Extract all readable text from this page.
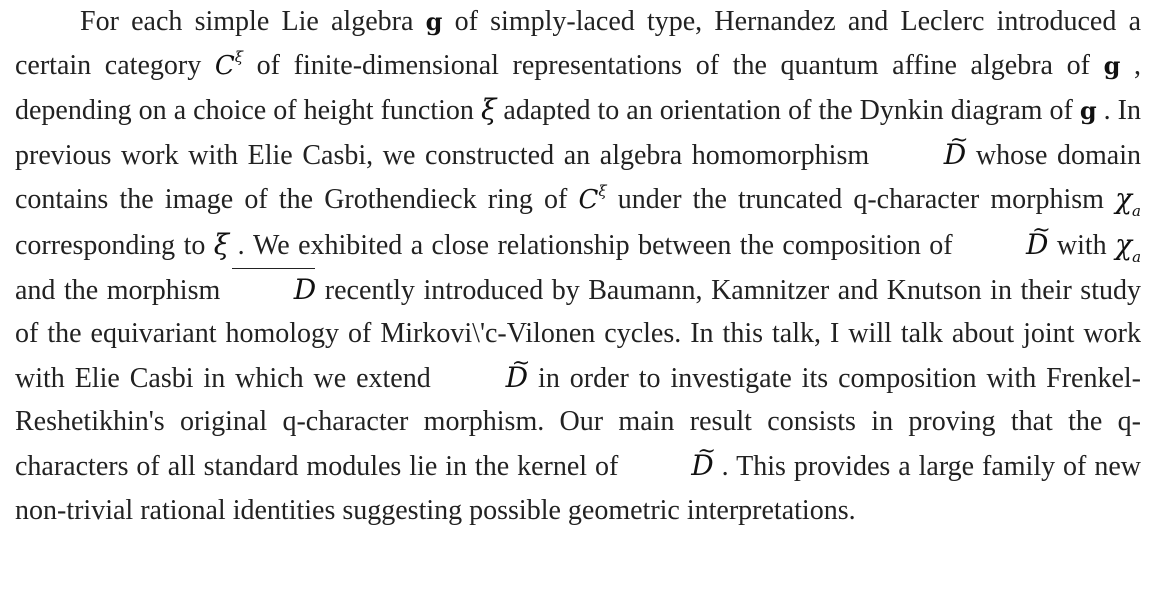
For each simple Lie algebra g of simply-laced type, Hernandez and Leclerc introduced a certain category $C^\xi$ of finite-dimensional representations of the quantum affine algebra of g , depending on a choice of height function ξ adapted to an orientation of the Dynkin diagram of g . In previous work with Elie Casbi, we constructed an algebra homomorphism ~ D whose domain contains the image of the Grothendieck ring of $C^\xi$ under the truncated q-character morphism $\chi_a$ corresponding to ξ . We exhibited a close relationship between the composition of ~ D with $\chi_a$ and the morphism D recently introduced by Baumann, Kamnitzer and Knutson in their study of the equivariant homology of Mirkovi\'c-Vilonen cycles. In this talk, I will talk about joint work with Elie Casbi in which we extend ~ D in order to investigate its composition with Frenkel-Reshetikhin's original q-character morphism. Our main result consists in proving that the q-characters of all standard modules lie in the kernel of ~ D . This provides a large family of new non-trivial rational identities suggesting possible geometric interpretations.
